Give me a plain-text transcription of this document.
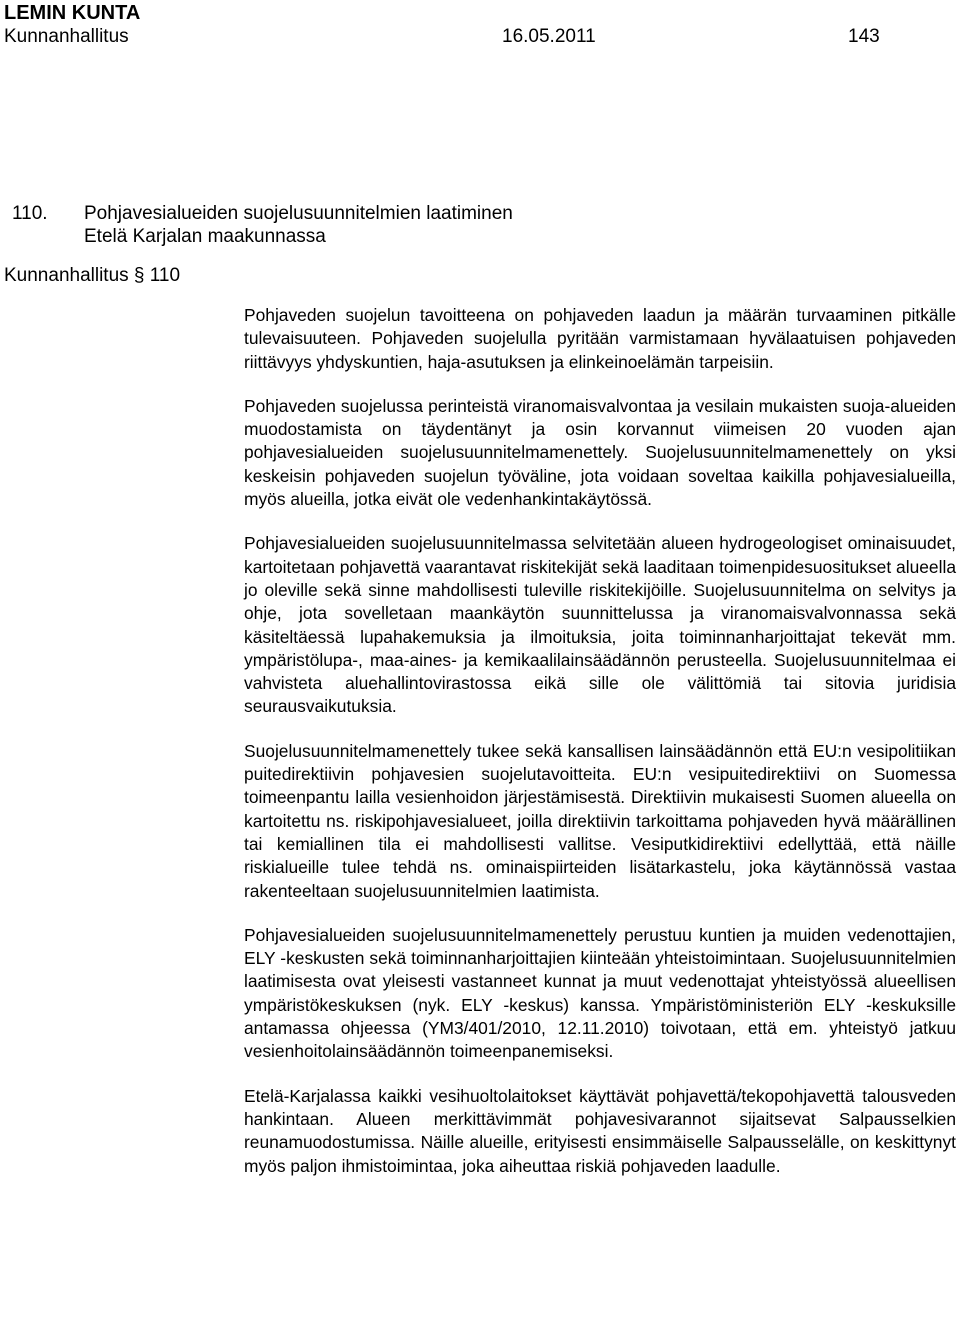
LEMIN KUNTA
Kunnanhallitus	16.05.2011	143
110. Pohjavesialueiden suojelusuunnitelmien laatiminen
Etelä Karjalan maakunnassa
Kunnanhallitus § 110

Pohjaveden suojelun tavoitteena on pohjaveden laadun ja määrän turvaaminen pitkälle tulevaisuuteen. Pohjaveden suojelulla pyritään varmistamaan hyvälaatuisen pohjaveden riittävyys yhdyskuntien, haja-asutuksen ja elinkeinoelämän tarpeisiin.

Pohjaveden suojelussa perinteistä viranomaisvalvontaa ja vesilain mukaisten suoja-alueiden muodostamista on täydentänyt ja osin korvannut viimeisen 20 vuoden ajan pohjavesialueiden suojelusuunnitelmamenettely. Suojelusuunnitelmamenettely on yksi keskeisin pohjaveden suojelun työväline, jota voidaan soveltaa kaikilla pohjavesialueilla, myös alueilla, jotka eivät ole vedenhankintakäytössä.

Pohjavesialueiden suojelusuunnitelmassa selvitetään alueen hydrogeologiset ominaisuudet, kartoitetaan pohjavettä vaarantavat riskitekijät sekä laaditaan toimenpidesuositukset alueella jo oleville sekä sinne mahdollisesti tuleville riskitekijöille. Suojelusuunnitelma on selvitys ja ohje, jota sovelletaan maankäytön suunnittelussa ja viranomaisvalvonnassa sekä käsiteltäessä lupahakemuksia ja ilmoituksia, joita toiminnanharjoittajat tekevät mm. ympäristölupa-, maa-aines- ja kemikaalilainsäädännön perusteella. Suojelusuunnitelmaa ei vahvisteta aluehallintovirastossa eikä sille ole välittömiä tai sitovia juridisia seurausvaikutuksia.

Suojelusuunnitelmamenettely tukee sekä kansallisen lainsäädännön että EU:n vesipolitiikan puitedirektiivin pohjavesien suojelutavoitteita. EU:n vesipuitedirektiivi on Suomessa toimeenpantu lailla vesienhoidon järjestämisestä. Direktiivin mukaisesti Suomen alueella on kartoitettu ns. riskipohjavesialueet, joilla direktiivin tarkoittama pohjaveden hyvä määrällinen tai kemiallinen tila ei mahdollisesti vallitse. Vesiputkidirektiivi edellyttää, että näille riskialueille tulee tehdä ns. ominaispiirteiden lisätarkastelu, joka käytännössä vastaa rakenteeltaan suojelusuunnitelmien laatimista.

Pohjavesialueiden suojelusuunnitelmamenettely perustuu kuntien ja muiden vedenottajien, ELY -keskusten sekä toiminnanharjoittajien kiinteään yhteistoimintaan. Suojelusuunnitelmien laatimisesta ovat yleisesti vastanneet kunnat ja muut vedenottajat yhteistyössä alueellisen ympäristökeskuksen (nyk. ELY -keskus) kanssa. Ympäristöministeriön ELY -keskuksille antamassa ohjeessa (YM3/401/2010, 12.11.2010) toivotaan, että em. yhteistyö jatkuu vesienhoitolainsäädännön toimeenpanemiseksi.

Etelä-Karjalassa kaikki vesihuoltolaitokset käyttävät pohjavettä/tekopohjavettä talousveden hankintaan. Alueen merkittävimmät pohjavesivarannot sijaitsevat Salpausselkien reunamuodostumissa. Näille alueille, erityisesti ensimmäiselle Salpausselälle, on keskittynyt myös paljon ihmistoimintaa, joka aiheuttaa riskiä pohjaveden laadulle.
